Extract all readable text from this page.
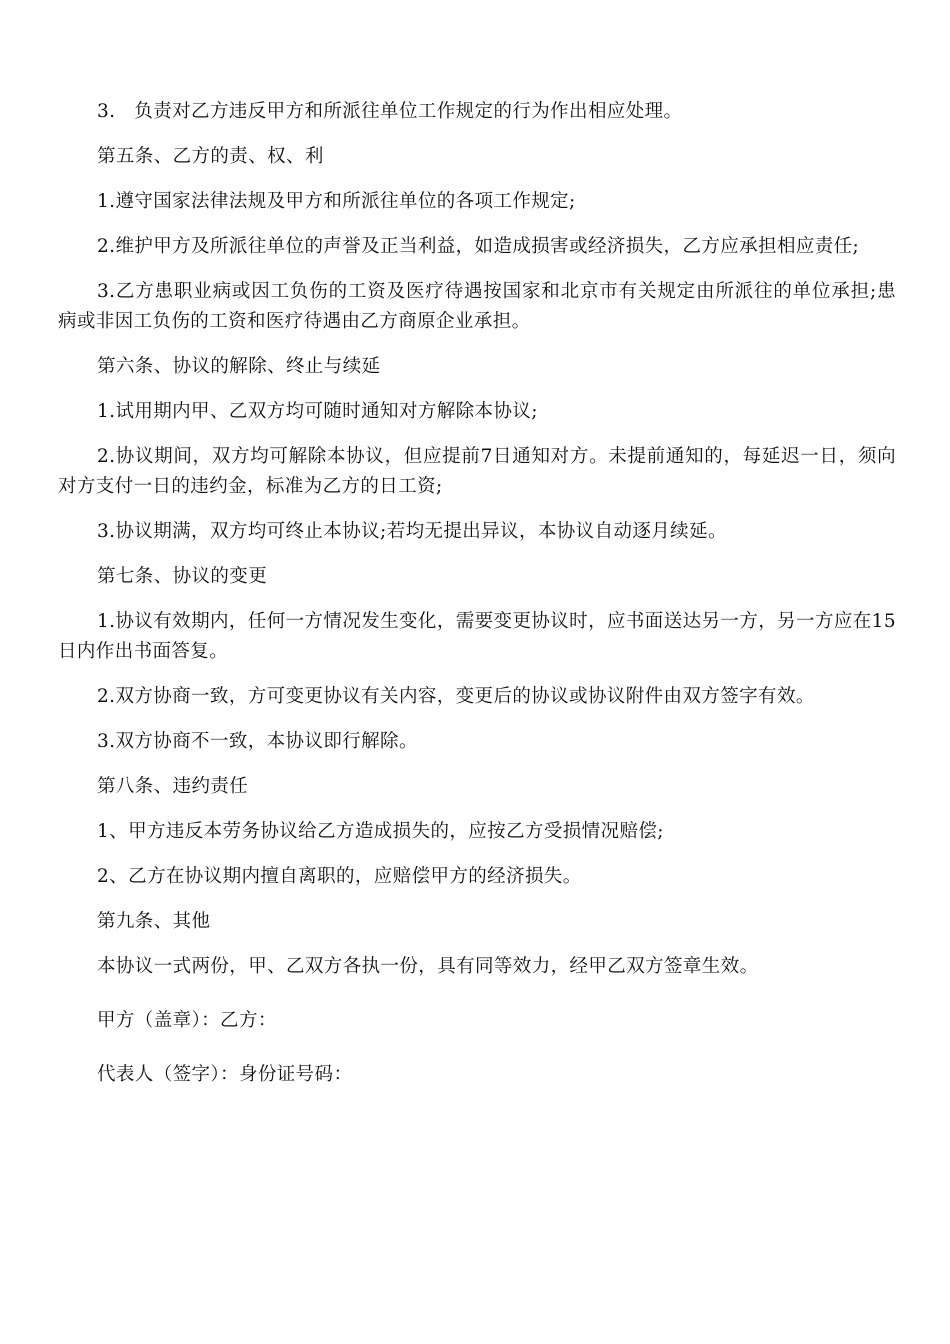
3.　负责对乙方违反甲方和所派往单位工作规定的行为作出相应处理。

第五条、乙方的责、权、利

1.遵守国家法律法规及甲方和所派往单位的各项工作规定;

2.维护甲方及所派往单位的声誉及正当利益，如造成损害或经济损失，乙方应承担相应责任;

3.乙方患职业病或因工负伤的工资及医疗待遇按国家和北京市有关规定由所派往的单位承担;患病或非因工负伤的工资和医疗待遇由乙方商原企业承担。

第六条、协议的解除、终止与续延

1.试用期内甲、乙双方均可随时通知对方解除本协议;

2.协议期间，双方均可解除本协议，但应提前7日通知对方。未提前通知的，每延迟一日，须向对方支付一日的违约金，标准为乙方的日工资;

3.协议期满，双方均可终止本协议;若均无提出异议，本协议自动逐月续延。

第七条、协议的变更

1.协议有效期内，任何一方情况发生变化，需要变更协议时，应书面送达另一方，另一方应在15日内作出书面答复。

2.双方协商一致，方可变更协议有关内容，变更后的协议或协议附件由双方签字有效。

3.双方协商不一致，本协议即行解除。

第八条、违约责任

1、甲方违反本劳务协议给乙方造成损失的，应按乙方受损情况赔偿;

2、乙方在协议期内擅自离职的，应赔偿甲方的经济损失。

第九条、其他

本协议一式两份，甲、乙双方各执一份，具有同等效力，经甲乙双方签章生效。

甲方（盖章）：乙方：

代表人（签字）：身份证号码：
